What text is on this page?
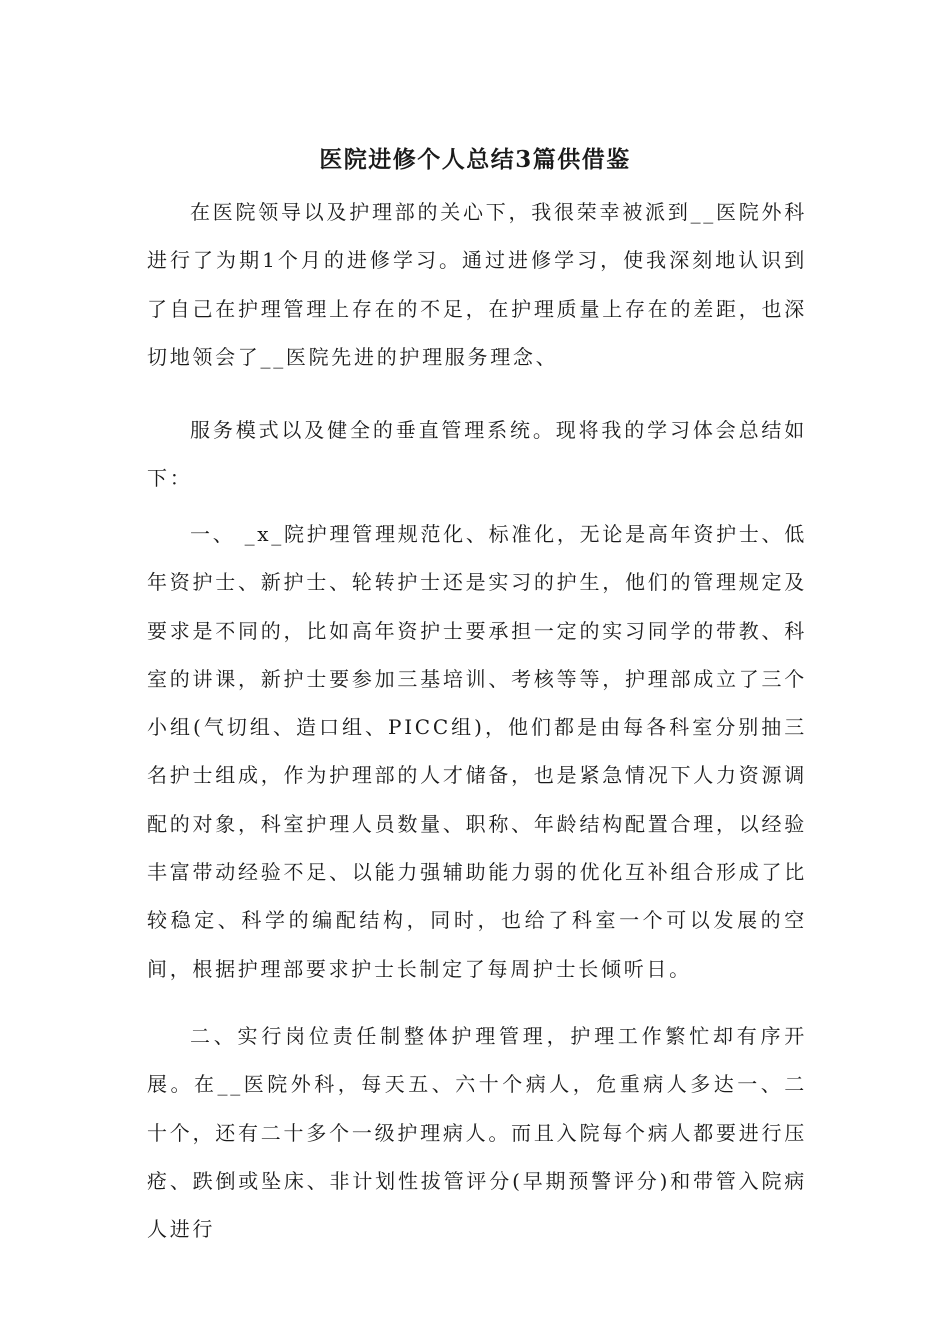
医院进修个人总结3篇供借鉴

在医院领导以及护理部的关心下，我很荣幸被派到__医院外科进行了为期1个月的进修学习。通过进修学习，使我深刻地认识到了自己在护理管理上存在的不足，在护理质量上存在的差距，也深切地领会了__医院先进的护理服务理念、

服务模式以及健全的垂直管理系统。现将我的学习体会总结如下：

一、 _x_院护理管理规范化、标准化，无论是高年资护士、低年资护士、新护士、轮转护士还是实习的护生，他们的管理规定及要求是不同的，比如高年资护士要承担一定的实习同学的带教、科室的讲课，新护士要参加三基培训、考核等等，护理部成立了三个小组(气切组、造口组、PICC组)，他们都是由每各科室分别抽三名护士组成，作为护理部的人才储备，也是紧急情况下人力资源调配的对象，科室护理人员数量、职称、年龄结构配置合理，以经验丰富带动经验不足、以能力强辅助能力弱的优化互补组合形成了比较稳定、科学的编配结构，同时，也给了科室一个可以发展的空间，根据护理部要求护士长制定了每周护士长倾听日。

二、实行岗位责任制整体护理管理，护理工作繁忙却有序开展。在__医院外科，每天五、六十个病人，危重病人多达一、二十个，还有二十多个一级护理病人。而且入院每个病人都要进行压疮、跌倒或坠床、非计划性拔管评分(早期预警评分)和带管入院病人进行
